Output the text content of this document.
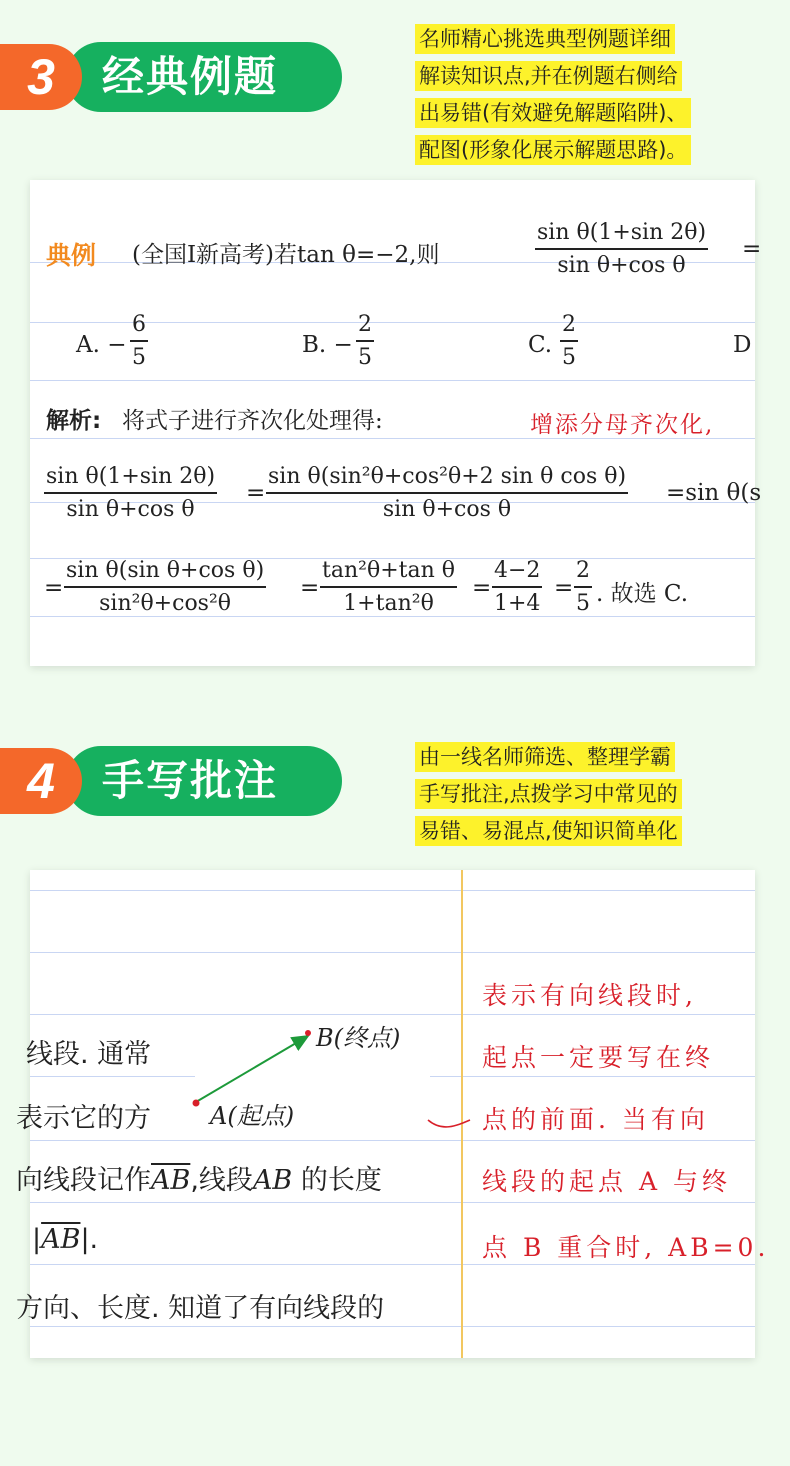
经典例题
3
名师精心挑选典型例题详细
解读知识点,并在例题右侧给
出易错(有效避免解题陷阱)、
配图(形象化展示解题思路)。
典例 (全国Ⅰ新高考)若tan θ=−2,则
sin θ(1+sin 2θ)
sin θ+cos θ
=
A. −
6
5	B. −
2
5	C.
2
5	D
解析: 将式子进行齐次化处理得:	增添分母齐次化,
sin θ(1+sin 2θ)
sin θ+cos θ
=
sin θ(sin²θ+cos²θ+2 sin θ cos θ)
sin θ+cos θ
=sin θ(s
=
sin θ(sin θ+cos θ)
sin²θ+cos²θ
=
tan²θ+tan θ
1+tan²θ
=
4−2
1+4
=
2
5 . 故选 C.
手写批注
4	由一线名师筛选、整理学霸
手写批注,点拨学习中常见的
易错、易混点,使知识简单化
线段. 通常
表示它的方
向线段记作$\overline{AB}$,线段AB 的长度
$|\overline{AB}|$.
方向、长度. 知道了有向线段的
B(终点)
A(起点)
表示有向线段时,
起点一定要写在终
点的前面. 当有向
线段的起点 A 与终
点 B 重合时, AB=0.
